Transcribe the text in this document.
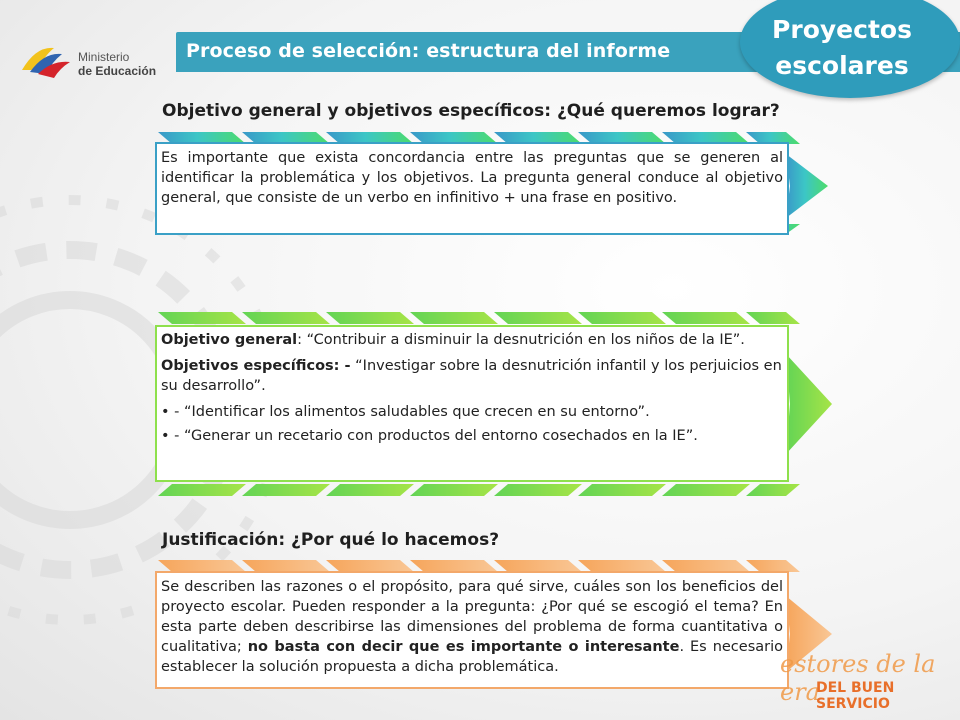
Ministerio
de Educación
Proceso de selección: estructura del informe
Proyectos
escolares
Objetivo general y objetivos específicos: ¿Qué queremos lograr?
Es importante que exista concordancia entre las preguntas que se generen al identificar la problemática y los objetivos. La pregunta general conduce al objetivo general, que consiste de un verbo en infinitivo + una frase en positivo.

Objetivo general: “Contribuir a disminuir la desnutrición en los niños de la IE”.

Objetivos específicos: - “Investigar sobre la desnutrición infantil y los perjuicios en su desarrollo”.

• - “Identificar los alimentos saludables que crecen en su entorno”.
• - “Generar un recetario con productos del entorno cosechados en la IE”.
Justificación: ¿Por qué lo hacemos?
Se describen las razones o el propósito, para qué sirve, cuáles son los beneficios del proyecto escolar. Pueden responder a la pregunta: ¿Por qué se escogió el tema? En esta parte deben describirse las dimensiones del problema de forma cuantitativa o cualitativa; no basta con decir que es importante o interesante. Es necesario establecer la solución propuesta a dicha problemática.	estores de la era
DEL BUEN SERVICIO
